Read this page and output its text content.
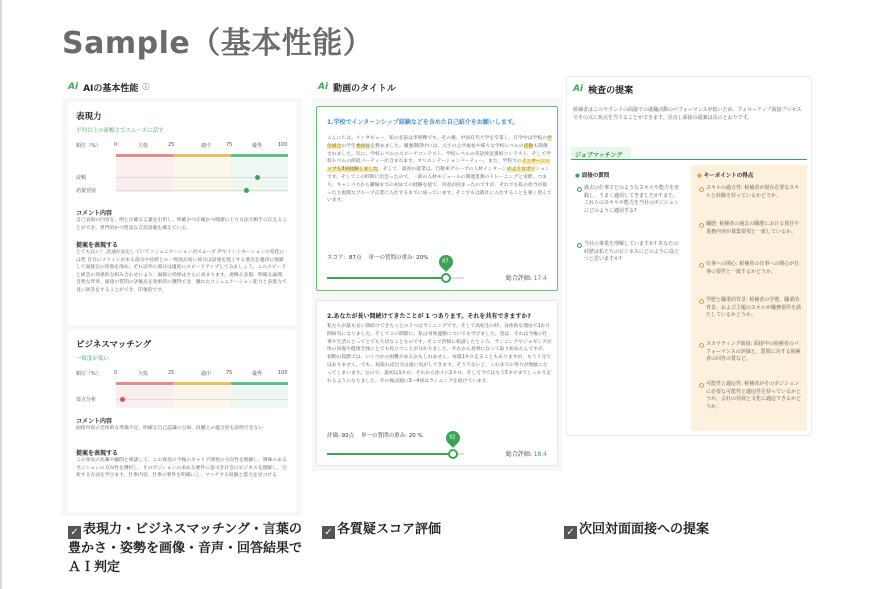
Sample（基本性能）
Ai AIの基本性能 ⓘ
表現力
平均以上の流暢さでスムーズに話す
順位（%）	0	欠低	25	適中	75	優秀	100
流暢
語彙発展
コメント内容
自己表現の内容を、例と正確な言葉を引用し、明確かつ正確かつ簡潔に上り方法で相手に伝えることができ、専門的かつ豊富な言語語彙を備えている。
提案を表現する
とても良い！ 話速が安定していてコミュニケーションがスムーズ 声やイントネーションの変化には豊 自分にメリットがある部分や持続との一致度が高い部分は話速を遅くする要点を適切に強調して面接官の印象を深め、それ以外の部分は適度にスピードアップしてみましょう。このスピードと緩急の効果的な組み合わせにより、面接の効果はさらに高まります。流暢な表現、明確な論理、自然な伴奏、面接の質問の評価点を効果的に獲得でき、優れたコミュニケーション能力と表現力で良い回答をすることができ、印象的です。
ビジネスマッチング
一致度が低い
順位（%）	0	欠低	25	適中	75	優秀	100
要点分析
コメント内容
面接内容の全体的な準備不足、明確な自己認識の欠如、役職との適合度を証明できない
提案を表現する
この専攻の先輩や顧問と相談して、この専攻の今後のキャリア開発の方向性を理解し、興味のあるポジションの方向性を選択し、そのポジションの求める要件に基づき社会にビジネスを理解し、分析する方法を学びます。仕事内容、仕事の要件を明確にし、マッチする経験と能力を見つける
Ai 動画のタイトル
1.学校でインターンシップ経験などを含めた自己紹介をお願いします。
こんにちは。インタビュー、私の名前は李明輝です。その後、中国有名大学を卒業し、在学中は学校の学生組合の学生委員長を務めました。履歴期間中には、大小の公共福祉や様々な学校レベルの活動も開催されました。次に、学校レベルのスピーチコンテスト、学校レベルの英語放送番組コンテスト、そして学校レベルの朗読パーティーが含まれます。オリエンテーションパーティー。また、学校でのインターンシップも3回経験しました。そして、最初の就業は、自動車グループの人材インターンのようなポジションです。そしてこの時期に出会ったので、一部の人材モジュールの関連業務のトレーニングと実際、つまり、キャンパスから職場までの初めての経験を経て、決意が固まったのですが、それでも私の担当が取った大規模なグループ企業に入社するまでに成っています。そこでもは就社に入社することを強く望んでいます。
スコア：87点 単一の質問の重み: 20%
87
総合評価: 17.4
2.あなたが長い間続けてきたことが 1 つあります。それを共有できますか?
私たちが最も長い間続けてきたことの１つはランニングです。そして高校生の時、身体的な理由で1か月間病気になりました。そしてこの期間に、私は身体運動についても学びました。実は、それは今後の仕事や生活にとってとても大切なことなのです。そこで皆様に相談したところ、ランニングやジョギングが体の回復や健康全体にとても役立つことが分かりました。それから真剣になって取り組めたんですが、初期の段階では、いくつかの困難があるかもしれません。毎週1キロ走ることもありますが、もう１分ではありません。でも、頑張れば自分は速い気がしてきます。そうでないと、これまでの努力が無駄になってしまいます。なので、最初は1キロ、それから徐々に2キロ、そして今ではもう5キロまでしっかり走れるようになりました。その後は週に3～4回はランニングを続けています。
評価: 92点 単一の質問の重み: 20 %	92
総合評価: 18.4
Ai 検査の提案
候補者はこのラウンドの面接での就職活動のパフォーマンスが低いため、フォローアップ面接プロセスでその点に焦点を当てることができます。見直し面接の提案は次のとおりです。
ジョブマッチング
● 面接の質問
過去の仕事でどのようなスキルや能力を実践し、うまく適用してきましたか? また、これらのスキルや能力を当社のポジションにどのように適用する?
当社の事業を理解していますか? あなたの経歴は私たちのビジネスにどのように役立つと思いますか?
● キーポイントの得点
スキルの適合性: 候補者が現在必要なスキルと経験を持っているかどうか。
職歴: 候補者の過去の職歴における責任や業務内容が募集要項と一致しているか。
仕事への関心: 候補者の仕事への関心が仕事の要件と一致するかどうか。
学歴と職業的背景: 候補者の学歴、職業的背景、および主題のスキルが職務要件を満たしているかどうか。
スカウティング面接: 面接中の候補者のパフォーマンスの評価と、質問に対する候補者の回答の質など。
可能性と適応性: 候補者がそのポジションに必要な可能性と適応性を持っているかどうか、会社の発展と文化に適応できるかどうか。
✓ 表現力・ビジネスマッチング・言葉の豊かさ・姿勢を画像・音声・回答結果でＡＩ判定
✓ 各質疑スコア評価	✓ 次回対面面接への提案
